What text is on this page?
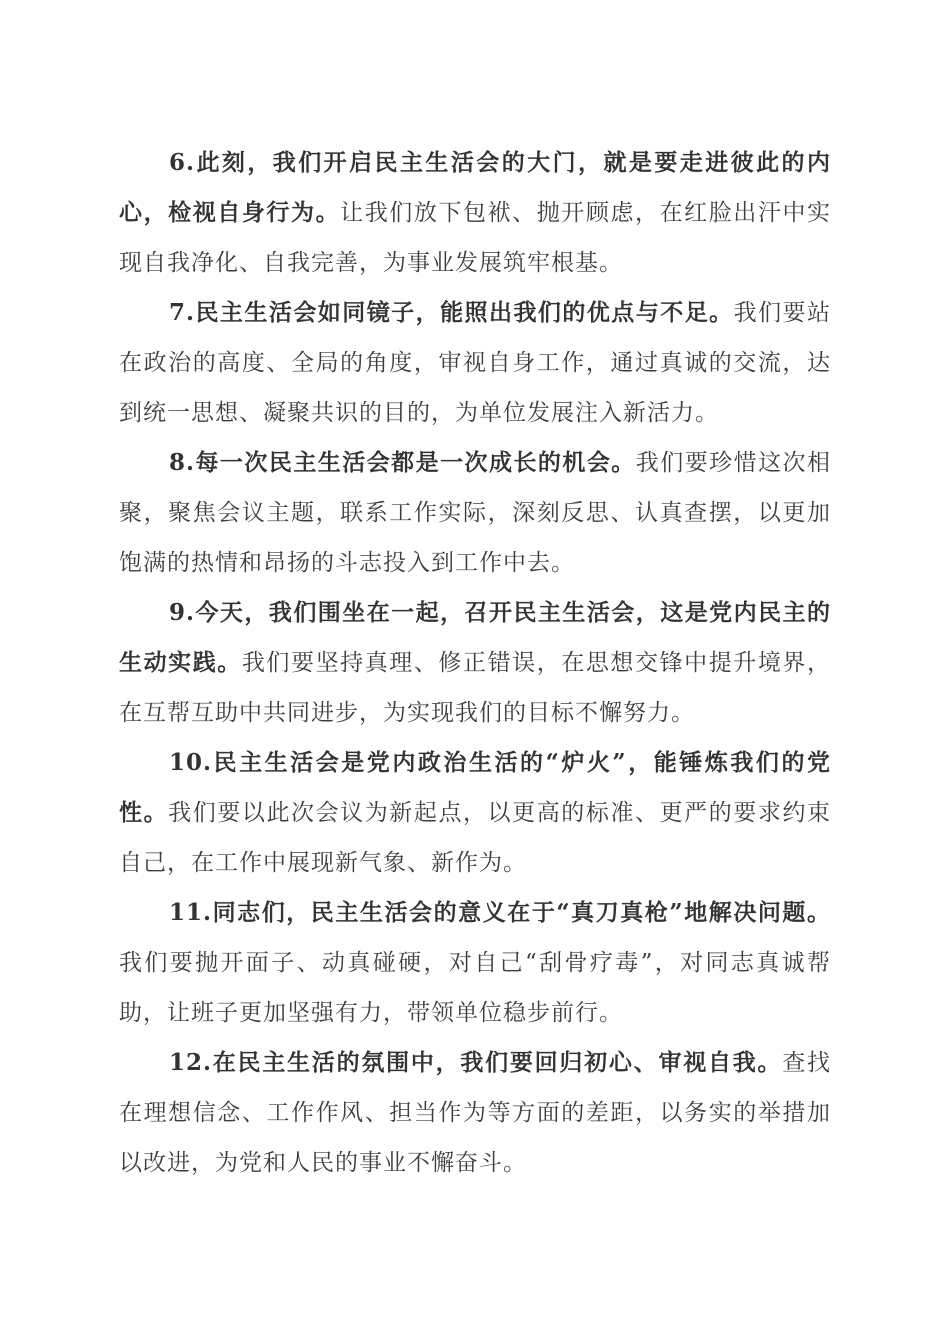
6.此刻，我们开启民主生活会的大门，就是要走进彼此的内心，检视自身行为。让我们放下包袱、抛开顾虑，在红脸出汗中实现自我净化、自我完善，为事业发展筑牢根基。

7.民主生活会如同镜子，能照出我们的优点与不足。我们要站在政治的高度、全局的角度，审视自身工作，通过真诚的交流，达到统一思想、凝聚共识的目的，为单位发展注入新活力。

8.每一次民主生活会都是一次成长的机会。我们要珍惜这次相聚，聚焦会议主题，联系工作实际，深刻反思、认真查摆，以更加饱满的热情和昂扬的斗志投入到工作中去。

9.今天，我们围坐在一起，召开民主生活会，这是党内民主的生动实践。我们要坚持真理、修正错误，在思想交锋中提升境界，在互帮互助中共同进步，为实现我们的目标不懈努力。

10.民主生活会是党内政治生活的“炉火”，能锤炼我们的党性。我们要以此次会议为新起点，以更高的标准、更严的要求约束自己，在工作中展现新气象、新作为。

11.同志们，民主生活会的意义在于“真刀真枪”地解决问题。我们要抛开面子、动真碰硬，对自己“刮骨疗毒”，对同志真诚帮助，让班子更加坚强有力，带领单位稳步前行。

12.在民主生活的氛围中，我们要回归初心、审视自我。查找在理想信念、工作作风、担当作为等方面的差距，以务实的举措加以改进，为党和人民的事业不懈奋斗。
